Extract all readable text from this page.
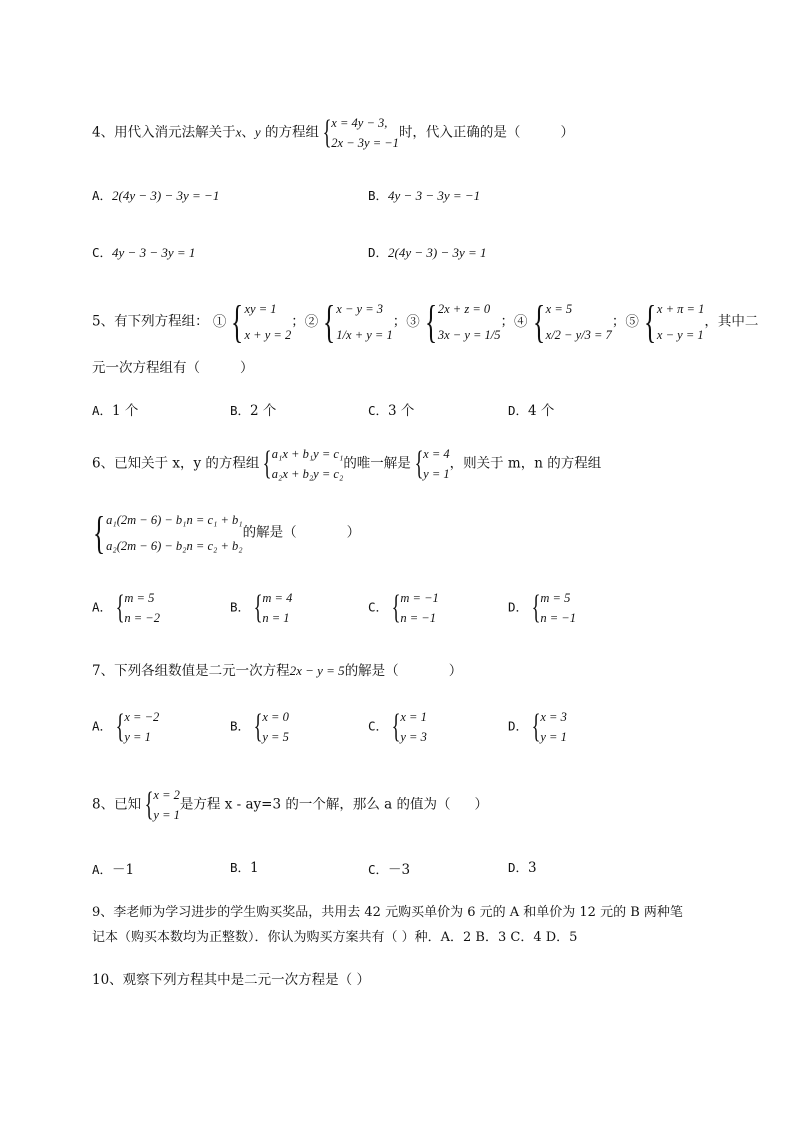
4、用代入消元法解关于x、y 的方程组 { x = 4y − 3,
2x − 3y = −1
时，代入正确的是（	）
A．2(4y − 3) − 3y = −1	B．4y − 3 − 3y = −1
C．4y − 3 − 3y = 1	D．2(4y − 3) − 3y = 1
5、有下列方程组： ① { xy = 1
x + y = 2
；② { x − y = 3
1/x + y = 1
；③ { 2x + z = 0
3x − y = 1/5
；④ { x = 5
x/2 − y/3 = 7
；⑤ { x + π = 1
x − y = 1
，其中二
元一次方程组有（	）
A．1 个	B．2 个	C．3 个	D．4 个
6、已知关于 x，y 的方程组 { a₁x + b₁y = c₁
a₂x + b₂y = c₂
的唯一解是 { x = 4
y = 1
，则关于 m，n 的方程组
{ a₁(2m − 6) − b₁n = c₁ + b₁
a₂(2m − 6) − b₂n = c₂ + b₂
的解是（	）
A． { m = 5
n = −2
B． { m = 4
n = 1
C． { m = −1
n = −1
D． { m = 5
n = −1
7、下列各组数值是二元一次方程2x − y = 5的解是（	）
A． { x = −2
y = 1
B． { x = 0
y = 5
C． { x = 1
y = 3
D． { x = 3
y = 1
8、已知 { x = 2
y = 1
是方程 x - ay=3 的一个解，那么 a 的值为（ ）
A．－1	B．1	C．－3	D．3
9、李老师为学习进步的学生购买奖品，共用去 42 元购买单价为 6 元的 A 和单价为 12 元的 B 两种笔
记本（购买本数均为正整数）．你认为购买方案共有（ ）种．A．2 B．3 C．4 D．5
10、观察下列方程其中是二元一次方程是（ ）
